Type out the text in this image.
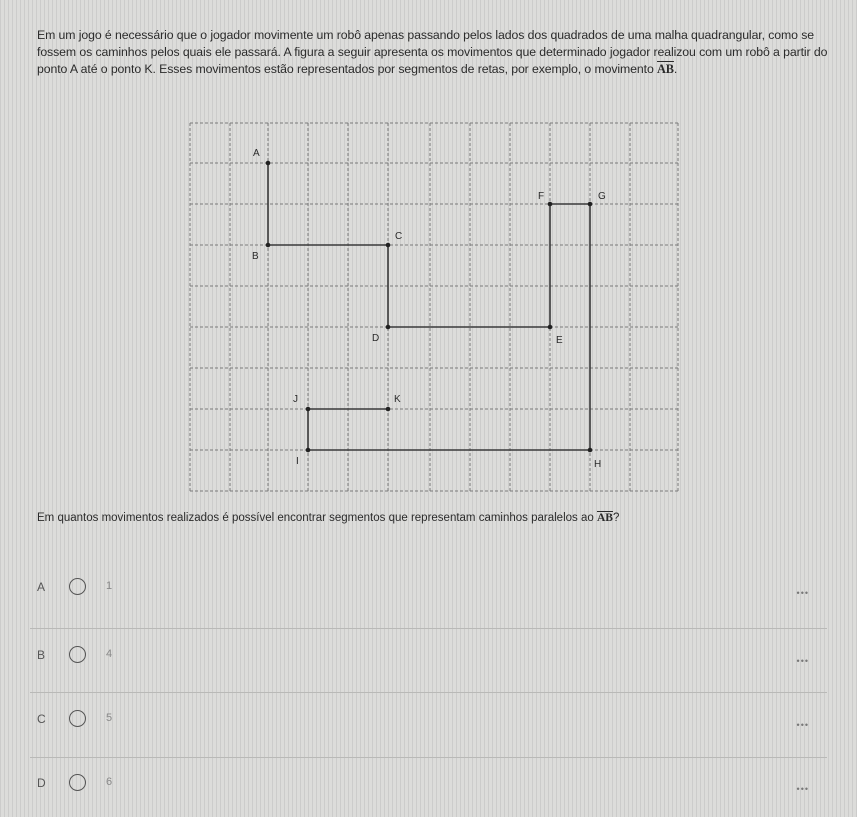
Em um jogo é necessário que o jogador movimente um robô apenas passando pelos lados dos quadrados de uma malha quadrangular, como se fossem os caminhos pelos quais ele passará. A figura a seguir apresenta os movimentos que determinado jogador realizou com um robô a partir do ponto A até o ponto K. Esses movimentos estão representados por segmentos de retas, por exemplo, o movimento $\overline{AB}$.
A
B
C
D	E
F	G
H
I
J	K
Em quantos movimentos realizados é possível encontrar segmentos que representam caminhos paralelos ao $\overline{AB}$?
A	1
•••
B	4
•••
C	5
•••
D	6
•••
